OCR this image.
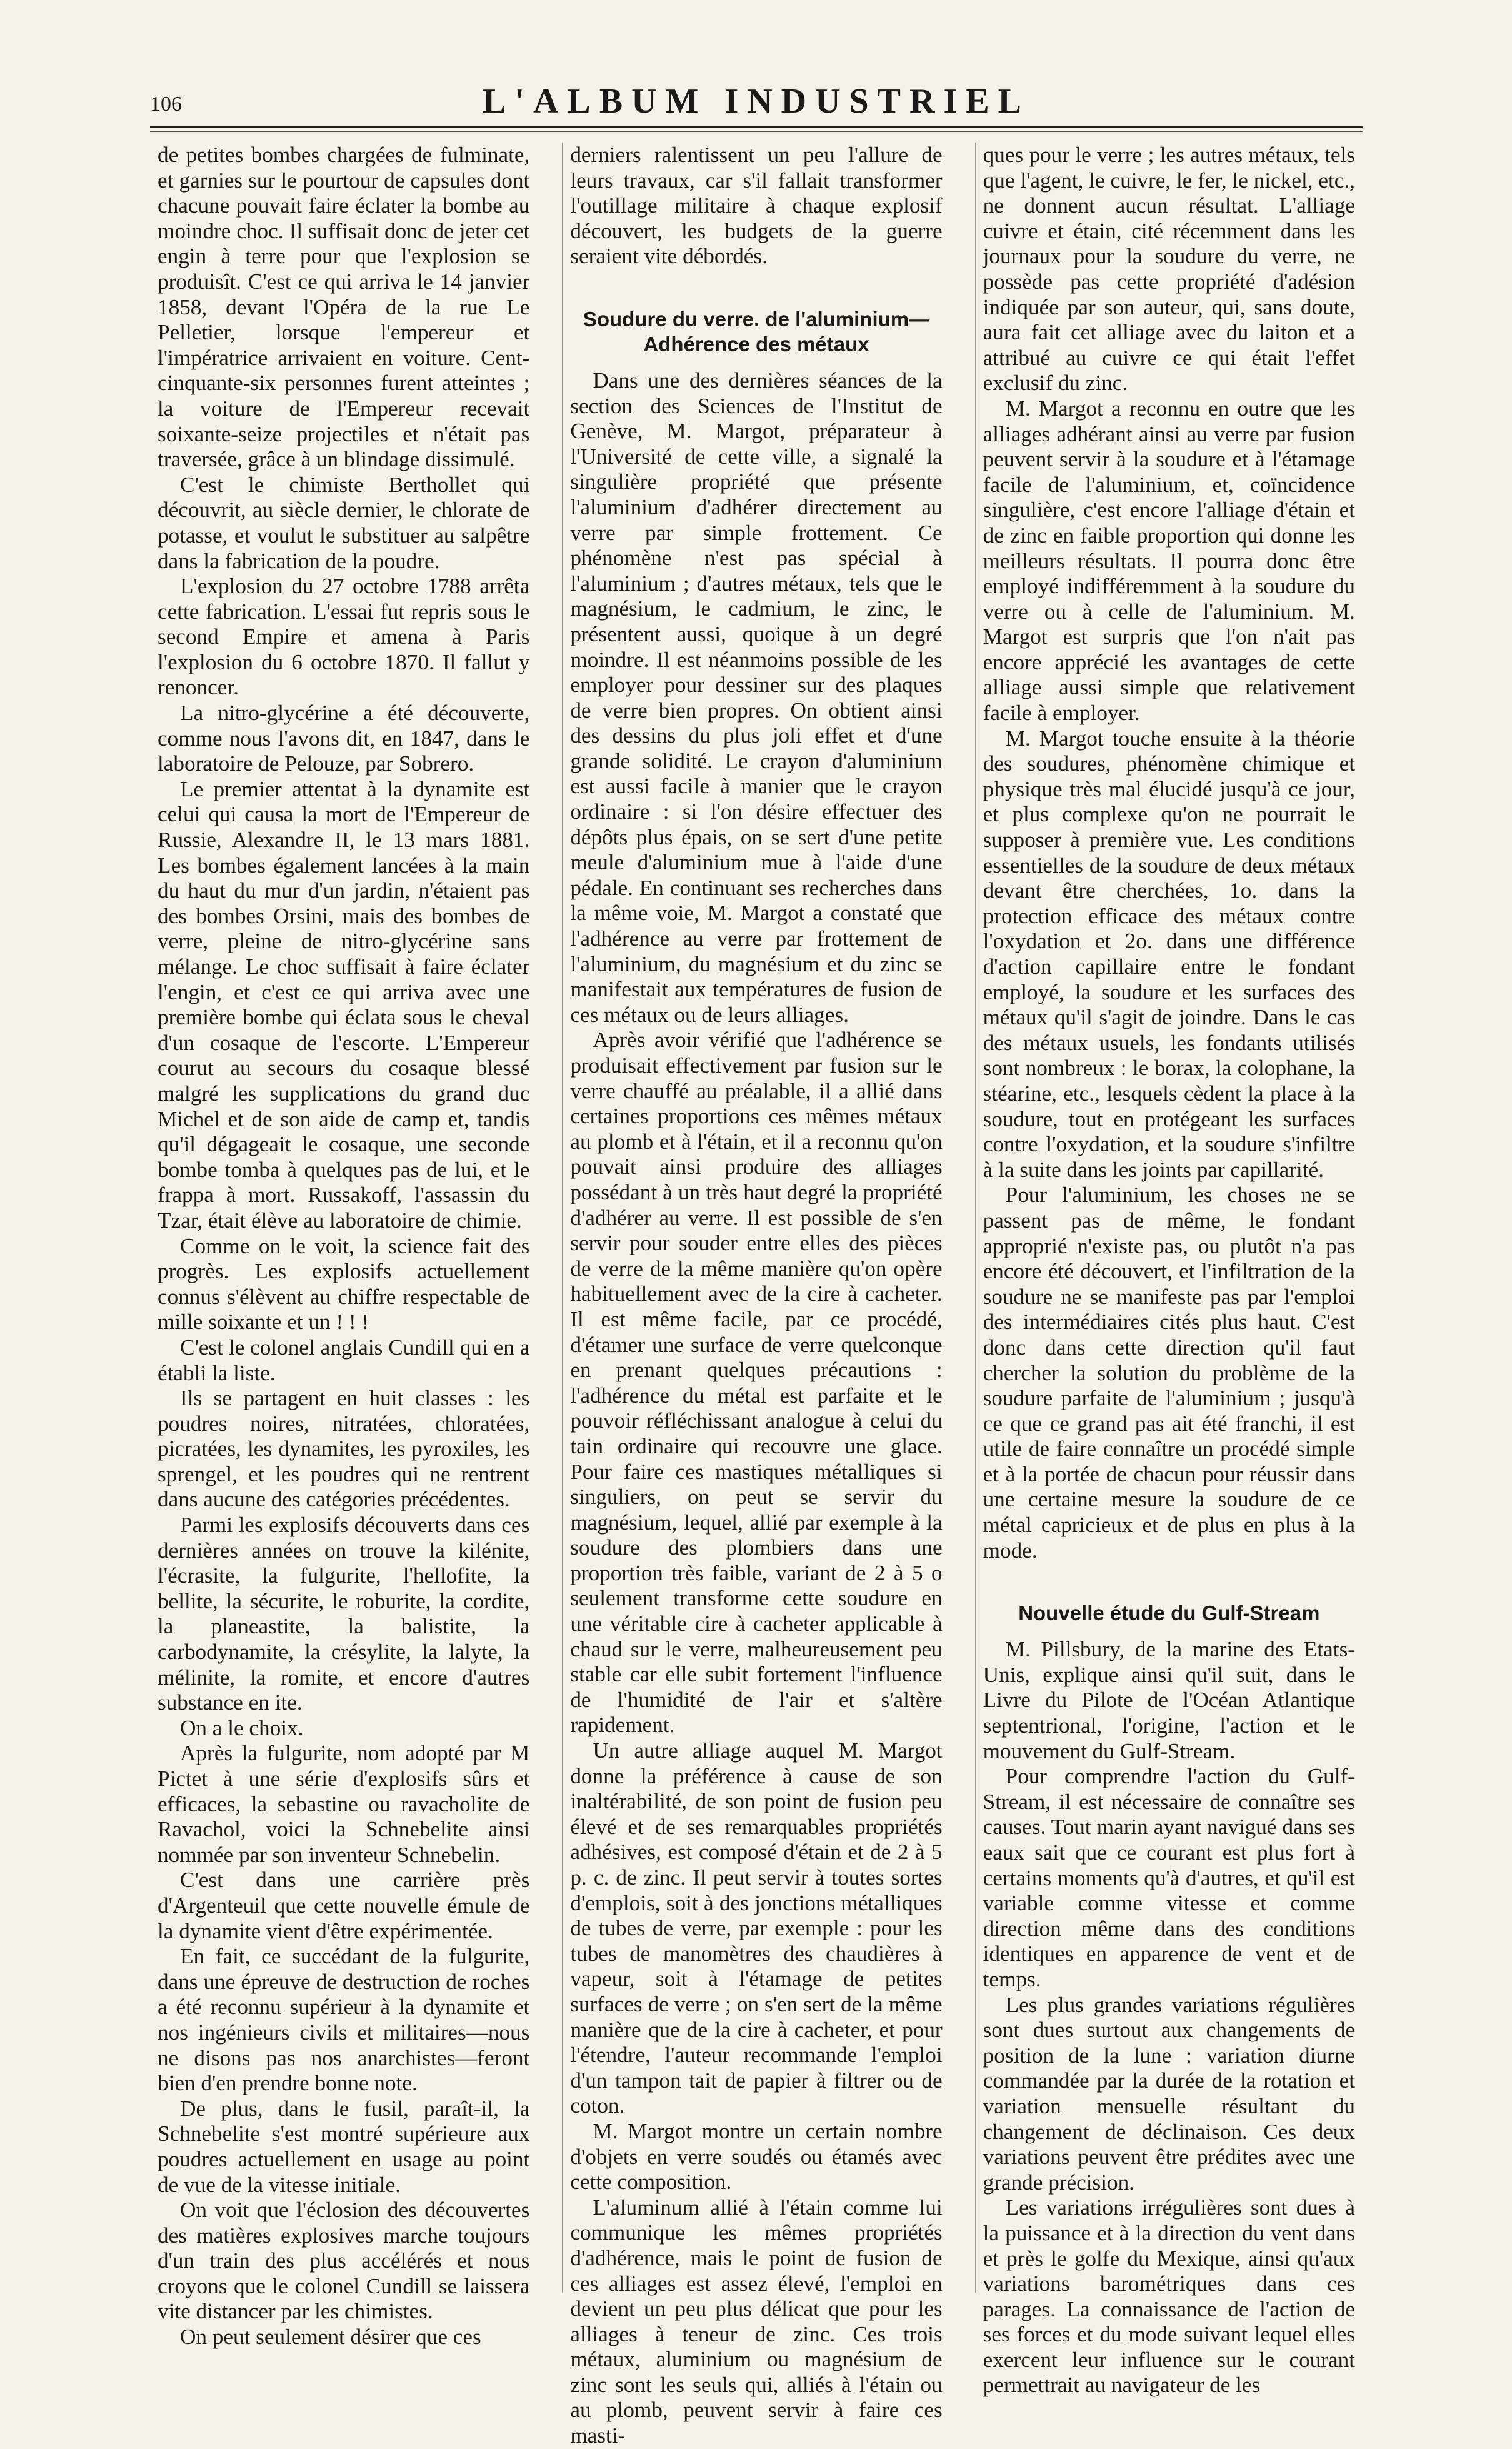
106	L'ALBUM INDUSTRIEL

de petites bombes chargées de fulminate, et garnies sur le pourtour de capsules dont chacune pouvait faire éclater la bombe au moindre choc. Il suffisait donc de jeter cet engin à terre pour que l'explosion se produisît. C'est ce qui arriva le 14 janvier 1858, devant l'Opéra de la rue Le Pelletier, lorsque l'empereur et l'impératrice arrivaient en voiture. Cent-cinquante-six personnes furent atteintes ; la voiture de l'Empereur recevait soixante-seize projectiles et n'était pas traversée, grâce à un blindage dissimulé.

C'est le chimiste Berthollet qui découvrit, au siècle dernier, le chlorate de potasse, et voulut le substituer au salpêtre dans la fabrication de la poudre.

L'explosion du 27 octobre 1788 arrêta cette fabrication. L'essai fut repris sous le second Empire et amena à Paris l'explosion du 6 octobre 1870. Il fallut y renoncer.

La nitro-glycérine a été découverte, comme nous l'avons dit, en 1847, dans le laboratoire de Pelouze, par Sobrero.

Le premier attentat à la dynamite est celui qui causa la mort de l'Empereur de Russie, Alexandre II, le 13 mars 1881. Les bombes également lancées à la main du haut du mur d'un jardin, n'étaient pas des bombes Orsini, mais des bombes de verre, pleine de nitro-glycérine sans mélange. Le choc suffisait à faire éclater l'engin, et c'est ce qui arriva avec une première bombe qui éclata sous le cheval d'un cosaque de l'escorte. L'Empereur courut au secours du cosaque blessé malgré les supplications du grand duc Michel et de son aide de camp et, tandis qu'il dégageait le cosaque, une seconde bombe tomba à quelques pas de lui, et le frappa à mort. Russakoff, l'assassin du Tzar, était élève au laboratoire de chimie.

Comme on le voit, la science fait des progrès. Les explosifs actuellement connus s'élèvent au chiffre respectable de mille soixante et un ! ! !

C'est le colonel anglais Cundill qui en a établi la liste.

Ils se partagent en huit classes : les poudres noires, nitratées, chloratées, picratées, les dynamites, les pyroxiles, les sprengel, et les poudres qui ne rentrent dans aucune des catégories précédentes.

Parmi les explosifs découverts dans ces dernières années on trouve la kilénite, l'écrasite, la fulgurite, l'hellofite, la bellite, la sécurite, le roburite, la cordite, la planeastite, la balistite, la carbodynamite, la crésylite, la lalyte, la mélinite, la romite, et encore d'autres substance en ite.

On a le choix.

Après la fulgurite, nom adopté par M Pictet à une série d'explosifs sûrs et efficaces, la sebastine ou ravacholite de Ravachol, voici la Schnebelite ainsi nommée par son inventeur Schnebelin.

C'est dans une carrière près d'Argenteuil que cette nouvelle émule de la dynamite vient d'être expérimentée.

En fait, ce succédant de la fulgurite, dans une épreuve de destruction de roches a été reconnu supérieur à la dynamite et nos ingénieurs civils et militaires—nous ne disons pas nos anarchistes—feront bien d'en prendre bonne note.

De plus, dans le fusil, paraît-il, la Schnebelite s'est montré supérieure aux poudres actuellement en usage au point de vue de la vitesse initiale.

On voit que l'éclosion des découvertes des matières explosives marche toujours d'un train des plus accélérés et nous croyons que le colonel Cundill se laissera vite distancer par les chimistes.

On peut seulement désirer que ces

derniers ralentissent un peu l'allure de leurs travaux, car s'il fallait transformer l'outillage militaire à chaque explosif découvert, les budgets de la guerre seraient vite débordés.

Soudure du verre. de l'aluminium— Adhérence des métaux

Dans une des dernières séances de la section des Sciences de l'Institut de Genève, M. Margot, préparateur à l'Université de cette ville, a signalé la singulière propriété que présente l'aluminium d'adhérer directement au verre par simple frottement. Ce phénomène n'est pas spécial à l'aluminium ; d'autres métaux, tels que le magnésium, le cadmium, le zinc, le présentent aussi, quoique à un degré moindre. Il est néanmoins possible de les employer pour dessiner sur des plaques de verre bien propres. On obtient ainsi des dessins du plus joli effet et d'une grande solidité. Le crayon d'aluminium est aussi facile à manier que le crayon ordinaire : si l'on désire effectuer des dépôts plus épais, on se sert d'une petite meule d'aluminium mue à l'aide d'une pédale. En continuant ses recherches dans la même voie, M. Margot a constaté que l'adhérence au verre par frottement de l'aluminium, du magnésium et du zinc se manifestait aux températures de fusion de ces métaux ou de leurs alliages.

Après avoir vérifié que l'adhérence se produisait effectivement par fusion sur le verre chauffé au préalable, il a allié dans certaines proportions ces mêmes métaux au plomb et à l'étain, et il a reconnu qu'on pouvait ainsi produire des alliages possédant à un très haut degré la propriété d'adhérer au verre. Il est possible de s'en servir pour souder entre elles des pièces de verre de la même manière qu'on opère habituellement avec de la cire à cacheter. Il est même facile, par ce procédé, d'étamer une surface de verre quelconque en prenant quelques précautions : l'adhérence du métal est parfaite et le pouvoir réfléchissant analogue à celui du tain ordinaire qui recouvre une glace. Pour faire ces mastiques métalliques si singuliers, on peut se servir du magnésium, lequel, allié par exemple à la soudure des plombiers dans une proportion très faible, variant de 2 à 5 o seulement transforme cette soudure en une véritable cire à cacheter applicable à chaud sur le verre, malheureusement peu stable car elle subit fortement l'influence de l'humidité de l'air et s'altère rapidement.

Un autre alliage auquel M. Margot donne la préférence à cause de son inaltérabilité, de son point de fusion peu élevé et de ses remarquables propriétés adhésives, est composé d'étain et de 2 à 5 p. c. de zinc. Il peut servir à toutes sortes d'emplois, soit à des jonctions métalliques de tubes de verre, par exemple : pour les tubes de manomètres des chaudières à vapeur, soit à l'étamage de petites surfaces de verre ; on s'en sert de la même manière que de la cire à cacheter, et pour l'étendre, l'auteur recommande l'emploi d'un tampon tait de papier à filtrer ou de coton.

M. Margot montre un certain nombre d'objets en verre soudés ou étamés avec cette composition.

L'aluminum allié à l'étain comme lui communique les mêmes propriétés d'adhérence, mais le point de fusion de ces alliages est assez élevé, l'emploi en devient un peu plus délicat que pour les alliages à teneur de zinc. Ces trois métaux, aluminium ou magnésium de zinc sont les seuls qui, alliés à l'étain ou au plomb, peuvent servir à faire ces masti-

ques pour le verre ; les autres métaux, tels que l'agent, le cuivre, le fer, le nickel, etc., ne donnent aucun résultat. L'alliage cuivre et étain, cité récemment dans les journaux pour la soudure du verre, ne possède pas cette propriété d'adésion indiquée par son auteur, qui, sans doute, aura fait cet alliage avec du laiton et a attribué au cuivre ce qui était l'effet exclusif du zinc.

M. Margot a reconnu en outre que les alliages adhérant ainsi au verre par fusion peuvent servir à la soudure et à l'étamage facile de l'aluminium, et, coïncidence singulière, c'est encore l'alliage d'étain et de zinc en faible proportion qui donne les meilleurs résultats. Il pourra donc être employé indifféremment à la soudure du verre ou à celle de l'aluminium. M. Margot est surpris que l'on n'ait pas encore apprécié les avantages de cette alliage aussi simple que relativement facile à employer.

M. Margot touche ensuite à la théorie des soudures, phénomène chimique et physique très mal élucidé jusqu'à ce jour, et plus complexe qu'on ne pourrait le supposer à première vue. Les conditions essentielles de la soudure de deux métaux devant être cherchées, 1o. dans la protection efficace des métaux contre l'oxydation et 2o. dans une différence d'action capillaire entre le fondant employé, la soudure et les surfaces des métaux qu'il s'agit de joindre. Dans le cas des métaux usuels, les fondants utilisés sont nombreux : le borax, la colophane, la stéarine, etc., lesquels cèdent la place à la soudure, tout en protégeant les surfaces contre l'oxydation, et la soudure s'infiltre à la suite dans les joints par capillarité.

Pour l'aluminium, les choses ne se passent pas de même, le fondant approprié n'existe pas, ou plutôt n'a pas encore été découvert, et l'infiltration de la soudure ne se manifeste pas par l'emploi des intermédiaires cités plus haut. C'est donc dans cette direction qu'il faut chercher la solution du problème de la soudure parfaite de l'aluminium ; jusqu'à ce que ce grand pas ait été franchi, il est utile de faire connaître un procédé simple et à la portée de chacun pour réussir dans une certaine mesure la soudure de ce métal capricieux et de plus en plus à la mode.

Nouvelle étude du Gulf-Stream

M. Pillsbury, de la marine des Etats-Unis, explique ainsi qu'il suit, dans le Livre du Pilote de l'Océan Atlantique septentrional, l'origine, l'action et le mouvement du Gulf-Stream.

Pour comprendre l'action du Gulf-Stream, il est nécessaire de connaître ses causes. Tout marin ayant navigué dans ses eaux sait que ce courant est plus fort à certains moments qu'à d'autres, et qu'il est variable comme vitesse et comme direction même dans des conditions identiques en apparence de vent et de temps.

Les plus grandes variations régulières sont dues surtout aux changements de position de la lune : variation diurne commandée par la durée de la rotation et variation mensuelle résultant du changement de déclinaison. Ces deux variations peuvent être prédites avec une grande précision.

Les variations irrégulières sont dues à la puissance et à la direction du vent dans et près le golfe du Mexique, ainsi qu'aux variations barométriques dans ces parages. La connaissance de l'action de ses forces et du mode suivant lequel elles exercent leur influence sur le courant permettrait au navigateur de les
